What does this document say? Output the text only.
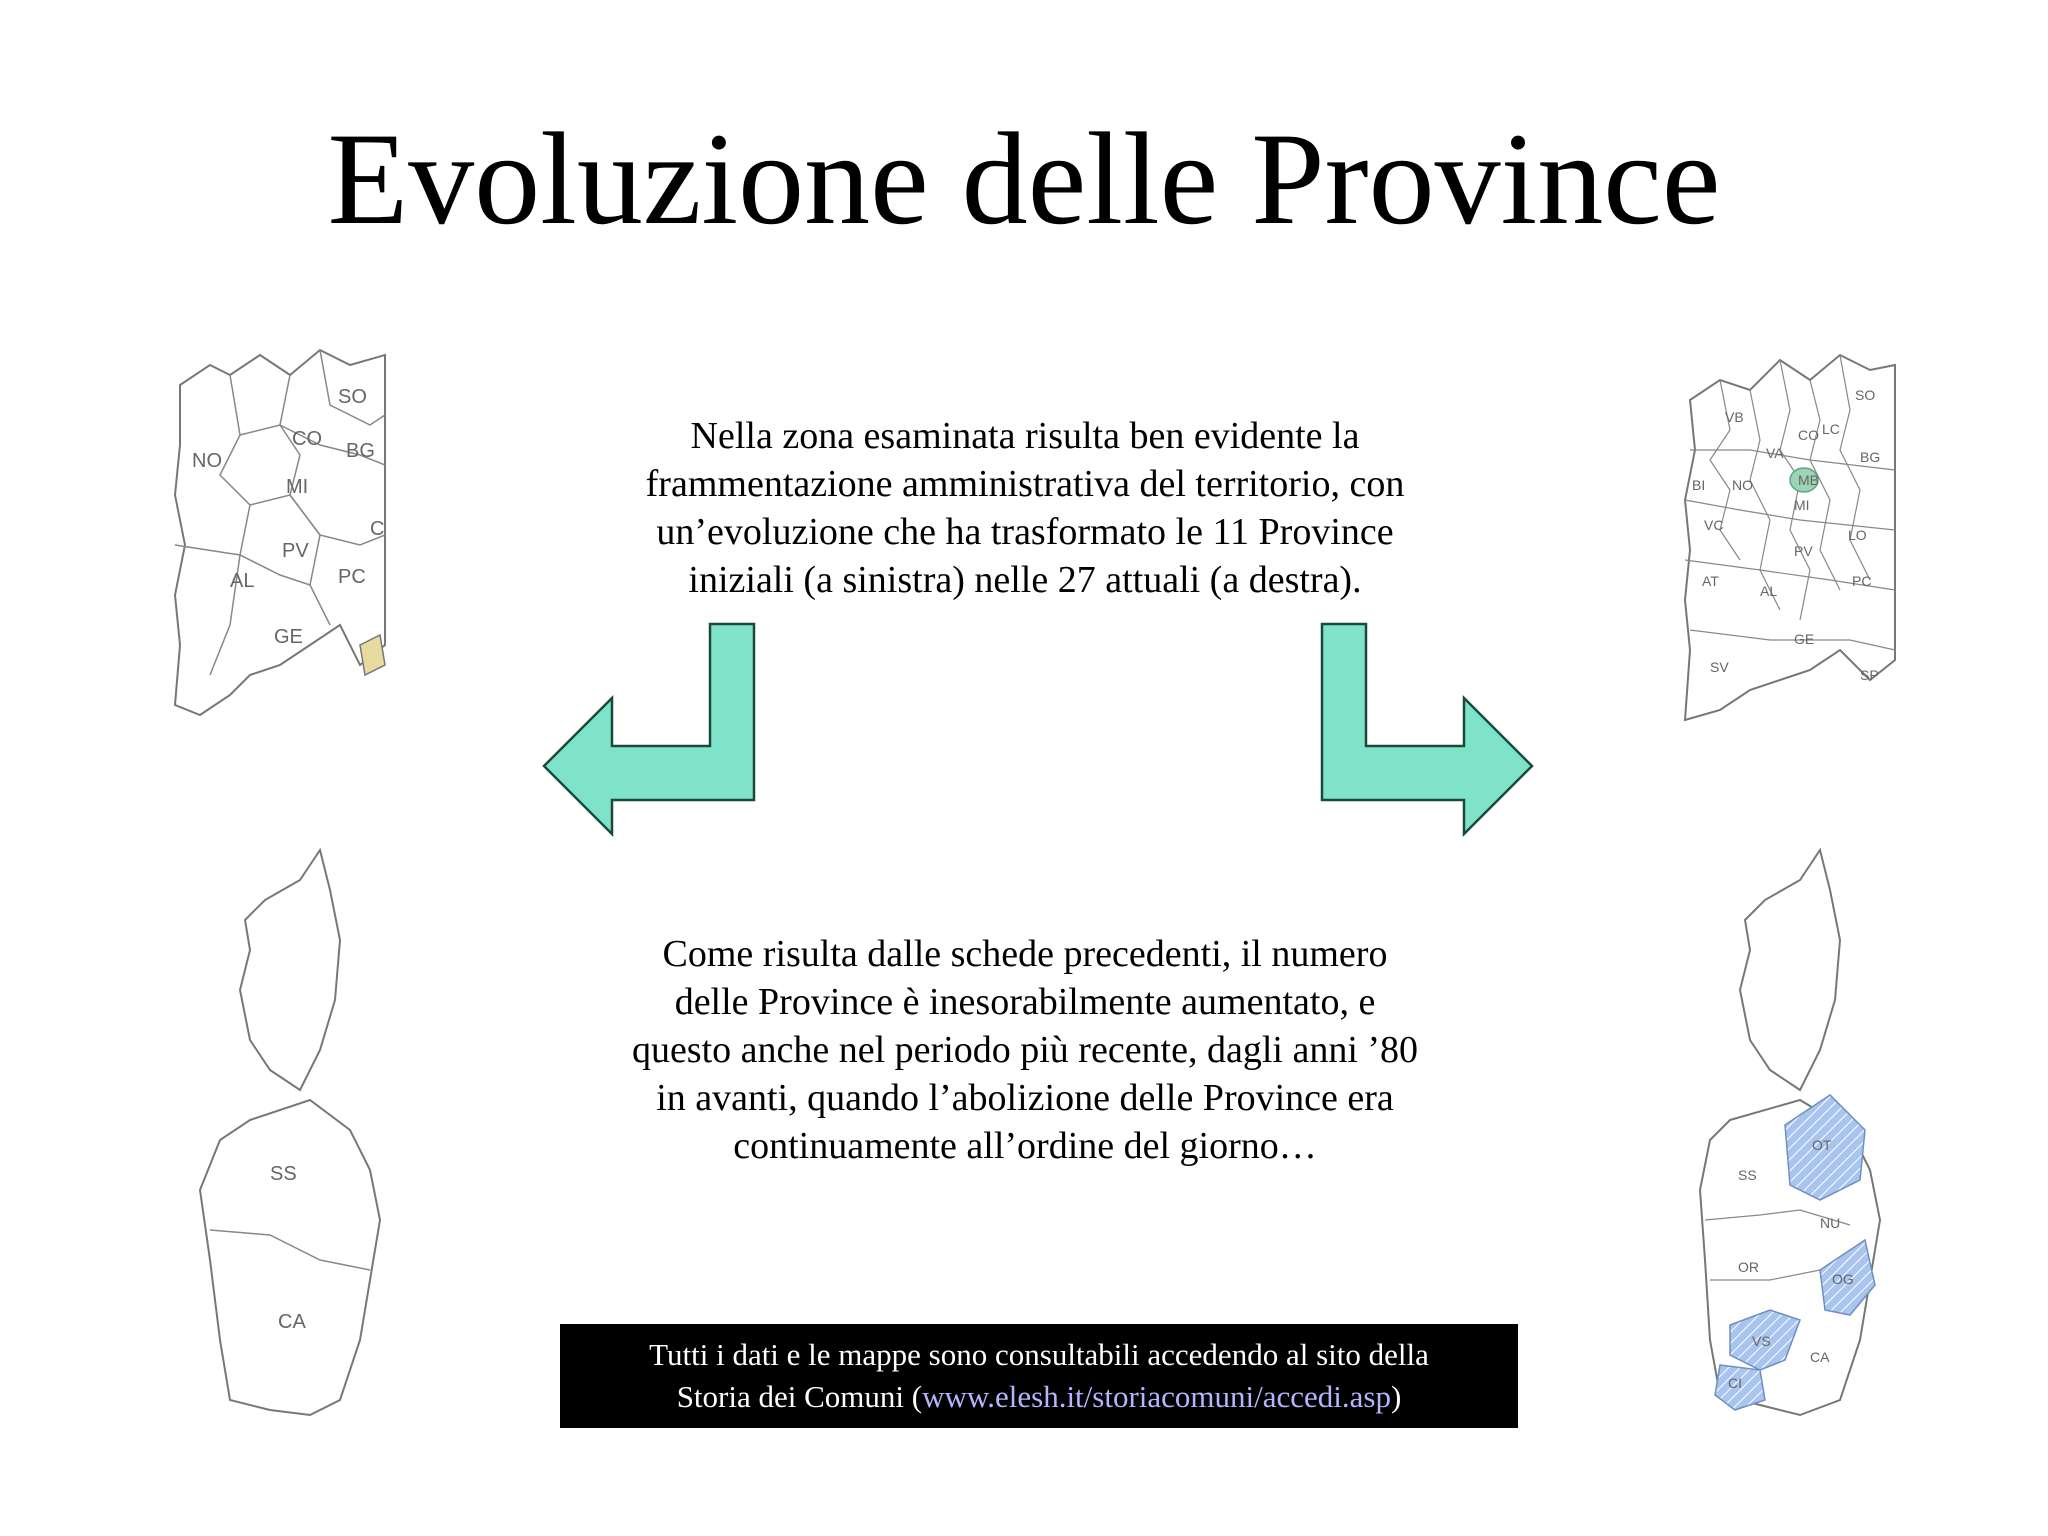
Evoluzione delle Province
SO
CO
NO	BG
MI
C
PV
AL	PC
GE
SS
CA
SO
VB
CO LC
VA
MB
BG
BI NO
MI
VC
LO
PV
AT
AL
PC
GE
SV	SP
OT
SS
NU
OR
OG
VS
CA
CI
Nella zona esaminata risulta ben evidente la
frammentazione amministrativa del territorio, con
un’evoluzione che ha trasformato le 11 Province
iniziali (a sinistra) nelle 27 attuali (a destra).
Come risulta dalle schede precedenti, il numero
delle Province è inesorabilmente aumentato, e
questo anche nel periodo più recente, dagli anni ’80
in avanti, quando l’abolizione delle Province era
continuamente all’ordine del giorno…
Tutti i dati e le mappe sono consultabili accedendo al sito della
Storia dei Comuni (www.elesh.it/storiacomuni/accedi.asp)
